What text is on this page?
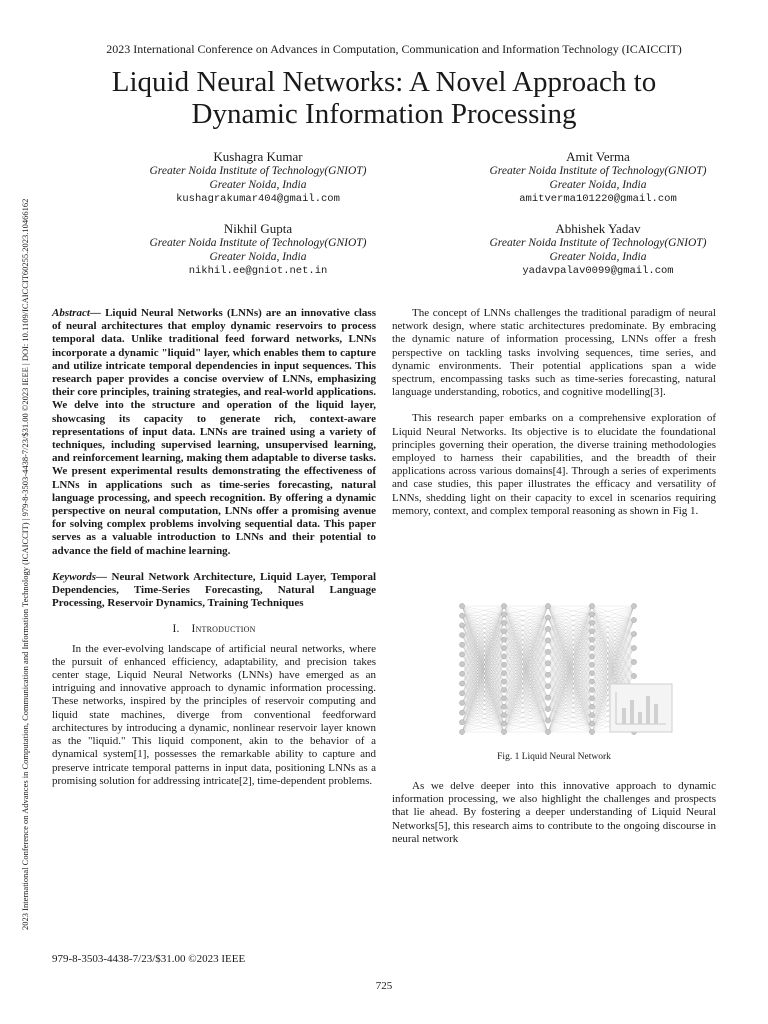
2023 International Conference on Advances in Computation, Communication and Information Technology (ICAICCIT)
2023 International Conference on Advances in Computation, Communication and Information Technology (ICAICCIT) | 979-8-3503-4438-7/23/$31.00 ©2023 IEEE | DOI: 10.1109/ICAICCIT60255.2023.10466162
Liquid Neural Networks: A Novel Approach to
Dynamic Information Processing
Kushagra Kumar
Greater Noida Institute of Technology(GNIOT)
Greater Noida, India
kushagrakumar404@gmail.com
Amit Verma
Greater Noida Institute of Technology(GNIOT)
Greater Noida, India
amitverma101220@gmail.com
Nikhil Gupta
Greater Noida Institute of Technology(GNIOT)
Greater Noida, India
nikhil.ee@gniot.net.in
Abhishek Yadav
Greater Noida Institute of Technology(GNIOT)
Greater Noida, India
yadavpalav0099@gmail.com

Abstract— Liquid Neural Networks (LNNs) are an innovative class of neural architectures that employ dynamic reservoirs to process temporal data. Unlike traditional feed forward networks, LNNs incorporate a dynamic "liquid" layer, which enables them to capture and utilize intricate temporal dependencies in input sequences. This research paper provides a concise overview of LNNs, emphasizing their core principles, training strategies, and real-world applications. We delve into the structure and operation of the liquid layer, showcasing its capacity to generate rich, context-aware representations of input data. LNNs are trained using a variety of techniques, including supervised learning, unsupervised learning, and reinforcement learning, making them adaptable to diverse tasks. We present experimental results demonstrating the effectiveness of LNNs in applications such as time-series forecasting, natural language processing, and speech recognition. By offering a dynamic perspective on neural computation, LNNs offer a promising avenue for solving complex problems involving sequential data. This paper serves as a valuable introduction to LNNs and their potential to advance the field of machine learning.

Keywords— Neural Network Architecture, Liquid Layer, Temporal Dependencies, Time-Series Forecasting, Natural Language Processing, Reservoir Dynamics, Training Techniques

I. Introduction

In the ever-evolving landscape of artificial neural networks, where the pursuit of enhanced efficiency, adaptability, and precision takes center stage, Liquid Neural Networks (LNNs) have emerged as an intriguing and innovative approach to dynamic information processing. These networks, inspired by the principles of reservoir computing and liquid state machines, diverge from conventional feedforward architectures by introducing a dynamic, nonlinear reservoir layer known as the "liquid." This liquid component, akin to the behavior of a dynamical system[1], possesses the remarkable ability to capture and preserve intricate temporal patterns in input data, positioning LNNs as a promising solution for addressing intricate[2], time-dependent problems.

The concept of LNNs challenges the traditional paradigm of neural network design, where static architectures predominate. By embracing the dynamic nature of information processing, LNNs offer a fresh perspective on tackling tasks involving sequences, time series, and dynamic environments. Their potential applications span a wide spectrum, encompassing tasks such as time-series forecasting, natural language understanding, robotics, and cognitive modelling[3].

This research paper embarks on a comprehensive exploration of Liquid Neural Networks. Its objective is to elucidate the foundational principles governing their operation, the diverse training methodologies employed to harness their capabilities, and the breadth of their applications across various domains[4]. Through a series of experiments and case studies, this paper illustrates the efficacy and versatility of LNNs, shedding light on their capacity to excel in scenarios requiring memory, context, and complex temporal reasoning as shown in Fig 1.

Fig. 1 Liquid Neural Network

As we delve deeper into this innovative approach to dynamic information processing, we also highlight the challenges and prospects that lie ahead. By fostering a deeper understanding of Liquid Neural Networks[5], this research aims to contribute to the ongoing discourse in neural network

979-8-3503-4438-7/23/$31.00 ©2023 IEEE
725
